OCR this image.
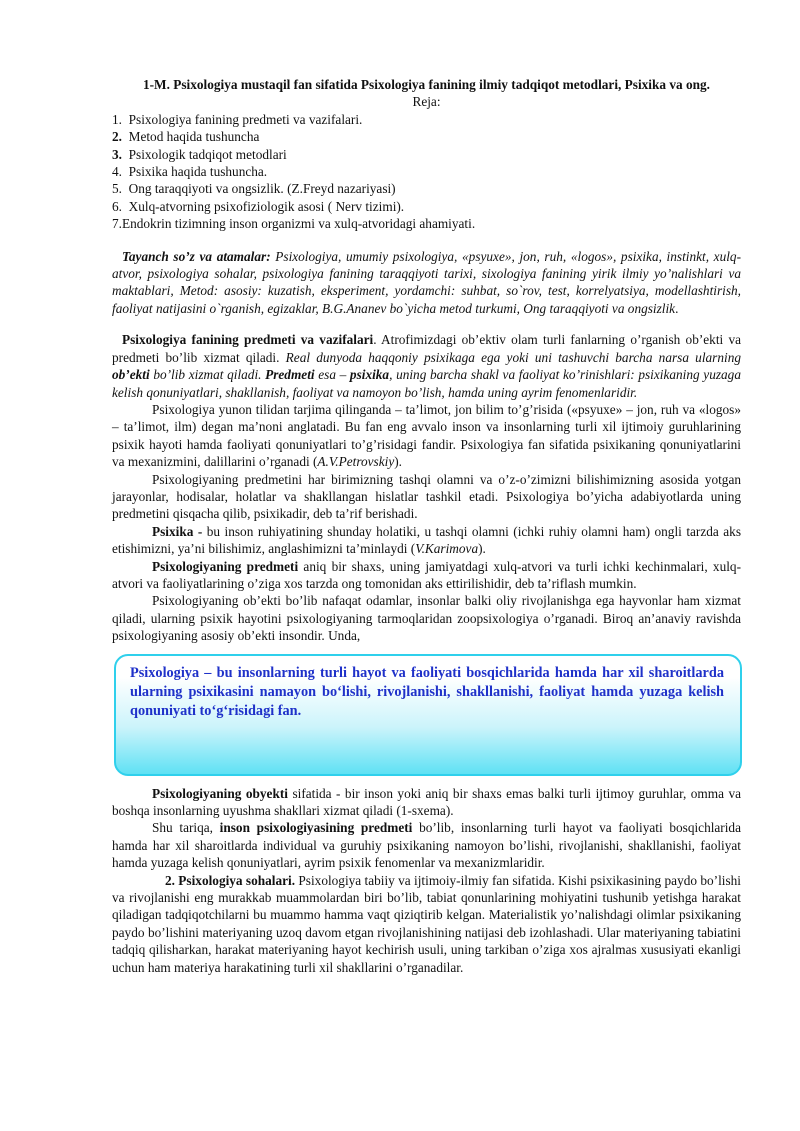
1-M. Psixologiya mustaqil fan sifatida Psixologiya fanining ilmiy tadqiqot metodlari, Psixika va ong.

Reja:

1. Psixologiya fanining predmeti va vazifalari.
2. Metod haqida tushuncha
3. Psixologik tadqiqot metodlari
4. Psixika haqida tushuncha.
5. Ong taraqqiyoti va ongsizlik. (Z.Freyd nazariyasi)
6. Xulq-atvorning psixofiziologik asosi ( Nerv tizimi).
7.Endokrin tizimning inson organizmi va xulq-atvoridagi ahamiyati.

Tayanch so’z va atamalar: Psixologiya, umumiy psixologiya, «psyuxe», jon, ruh, «logos», psixika, instinkt, xulq-atvor, psixologiya sohalar, psixologiya fanining taraqqiyoti tarixi, sixologiya fanining yirik ilmiy yo’nalishlari va maktablari, Metod: asosiy: kuzatish, eksperiment, yordamchi: suhbat, so`rov, test, korrelyatsiya, modellashtirish, faoliyat natijasini o`rganish, egizaklar, B.G.Ananev bo`yicha metod turkumi, Ong taraqqiyoti va ongsizlik.

Psixologiya fanining predmeti va vazifalari. Atrofimizdagi ob’ektiv olam turli fanlarning o’rganish ob’ekti va predmeti bo’lib xizmat qiladi. Real dunyoda haqqoniy psixikaga ega yoki uni tashuvchi barcha narsa ularning ob’ekti bo’lib xizmat qiladi. Predmeti esa – psixika, uning barcha shakl va faoliyat ko’rinishlari: psixikaning yuzaga kelish qonuniyatlari, shakllanish, faoliyat va namoyon bo’lish, hamda uning ayrim fenomenlaridir.

Psixologiya yunon tilidan tarjima qilinganda – ta’limot, jon bilim to’g’risida («psyuxe» – jon, ruh va «logos» – ta’limot, ilm) degan ma’noni anglatadi. Bu fan eng avvalo inson va insonlarning turli xil ijtimoiy guruhlarining psixik hayoti hamda faoliyati qonuniyatlari to’g’risidagi fandir. Psixologiya fan sifatida psixikaning qonuniyatlarini va mexanizmini, dalillarini o’rganadi (A.V.Petrovskiy).

Psixologiyaning predmetini har birimizning tashqi olamni va o’z-o’zimizni bilishimizning asosida yotgan jarayonlar, hodisalar, holatlar va shakllangan hislatlar tashkil etadi. Psixologiya bo’yicha adabiyotlarda uning predmetini qisqacha qilib, psixikadir, deb ta’rif berishadi.

Psixika - bu inson ruhiyatining shunday holatiki, u tashqi olamni (ichki ruhiy olamni ham) ongli tarzda aks etishimizni, ya’ni bilishimiz, anglashimizni ta’minlaydi (V.Karimova).

Psixologiyaning predmeti aniq bir shaxs, uning jamiyatdagi xulq-atvori va turli ichki kechinmalari, xulq-atvori va faoliyatlarining o’ziga xos tarzda ong tomonidan aks ettirilishidir, deb ta’riflash mumkin.

Psixologiyaning ob’ekti bo’lib nafaqat odamlar, insonlar balki oliy rivojlanishga ega hayvonlar ham xizmat qiladi, ularning psixik hayotini psixologiyaning tarmoqlaridan zoopsixologiya o’rganadi. Biroq an’anaviy ravishda psixologiyaning asosiy ob’ekti insondir. Unda,

Psixologiya – bu insonlarning turli hayot va faoliyati bosqichlarida hamda har xil sharoitlarda ularning psixikasini namayon bo‘lishi, rivojlanishi, shakllanishi, faoliyat hamda yuzaga kelish qonuniyati to‘g‘risidagi fan.

Psixologiyaning obyekti sifatida - bir inson yoki aniq bir shaxs emas balki turli ijtimoy guruhlar, omma va boshqa insonlarning uyushma shakllari xizmat qiladi (1-sxema).

Shu tariqa, inson psixologiyasining predmeti bo’lib, insonlarning turli hayot va faoliyati bosqichlarida hamda har xil sharoitlarda individual va guruhiy psixikaning namoyon bo’lishi, rivojlanishi, shakllanishi, faoliyat hamda yuzaga kelish qonuniyatlari, ayrim psixik fenomenlar va mexanizmlaridir.

2. Psixologiya sohalari. Psixologiya tabiiy va ijtimoiy-ilmiy fan sifatida. Kishi psixikasining paydo bo’lishi va rivojlanishi eng murakkab muammolardan biri bo’lib, tabiat qonunlarining mohiyatini tushunib yetishga harakat qiladigan tadqiqotchilarni bu muammo hamma vaqt qiziqtirib kelgan. Materialistik yo’nalishdagi olimlar psixikaning paydo bo’lishini materiyaning uzoq davom etgan rivojlanishining natijasi deb izohlashadi. Ular materiyaning tabiatini tadqiq qilisharkan, harakat materiyaning hayot kechirish usuli, uning tarkiban o’ziga xos ajralmas xususiyati ekanligi uchun ham materiya harakatining turli xil shakllarini o’rganadilar.
